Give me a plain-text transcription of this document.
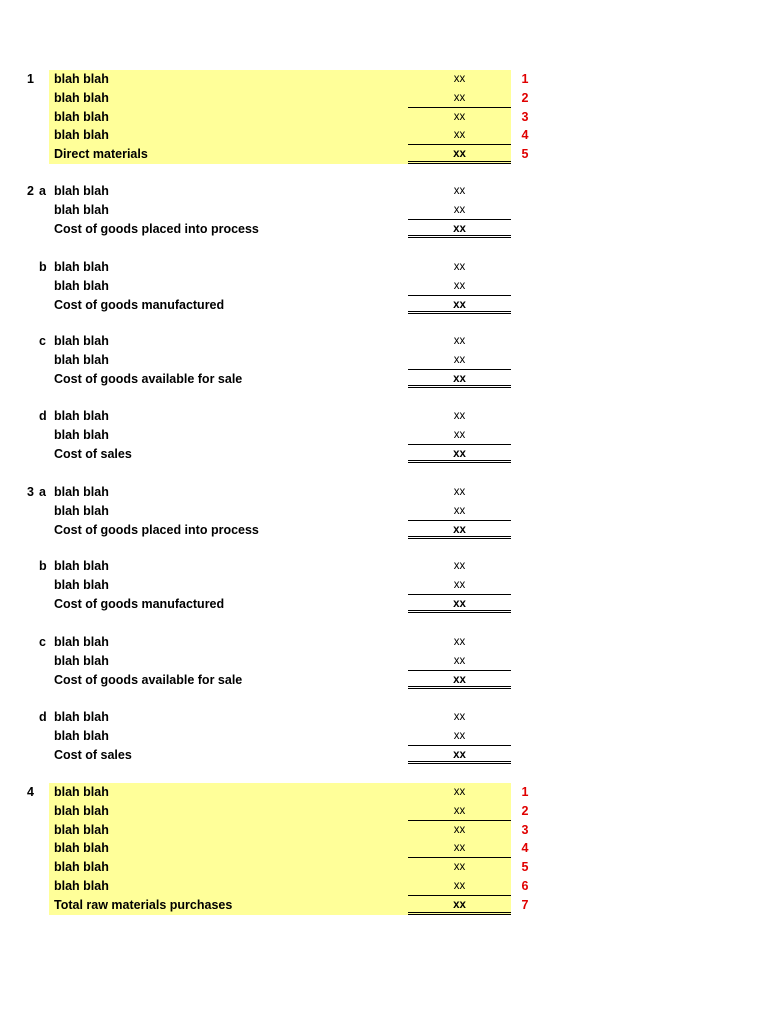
1	blah blah	xx	1
blah blah	xx	2
blah blah	xx	3
blah blah	xx	4
Direct materials	xx	5
2 a blah blah	xx
blah blah	xx
Cost of goods placed into process	xx
b blah blah	xx
blah blah	xx
Cost of goods manufactured	xx
c blah blah	xx
blah blah	xx
Cost of goods available for sale	xx
d blah blah	xx
blah blah	xx
Cost of sales	xx
3 a blah blah	xx
blah blah	xx
Cost of goods placed into process	xx
b blah blah	xx
blah blah	xx
Cost of goods manufactured	xx
c blah blah	xx
blah blah	xx
Cost of goods available for sale	xx
d blah blah	xx
blah blah	xx
Cost of sales	xx
4	blah blah	xx	1
blah blah	xx	2
blah blah	xx	3
blah blah	xx	4
blah blah	xx	5
blah blah	xx	6
Total raw materials purchases	xx	7
